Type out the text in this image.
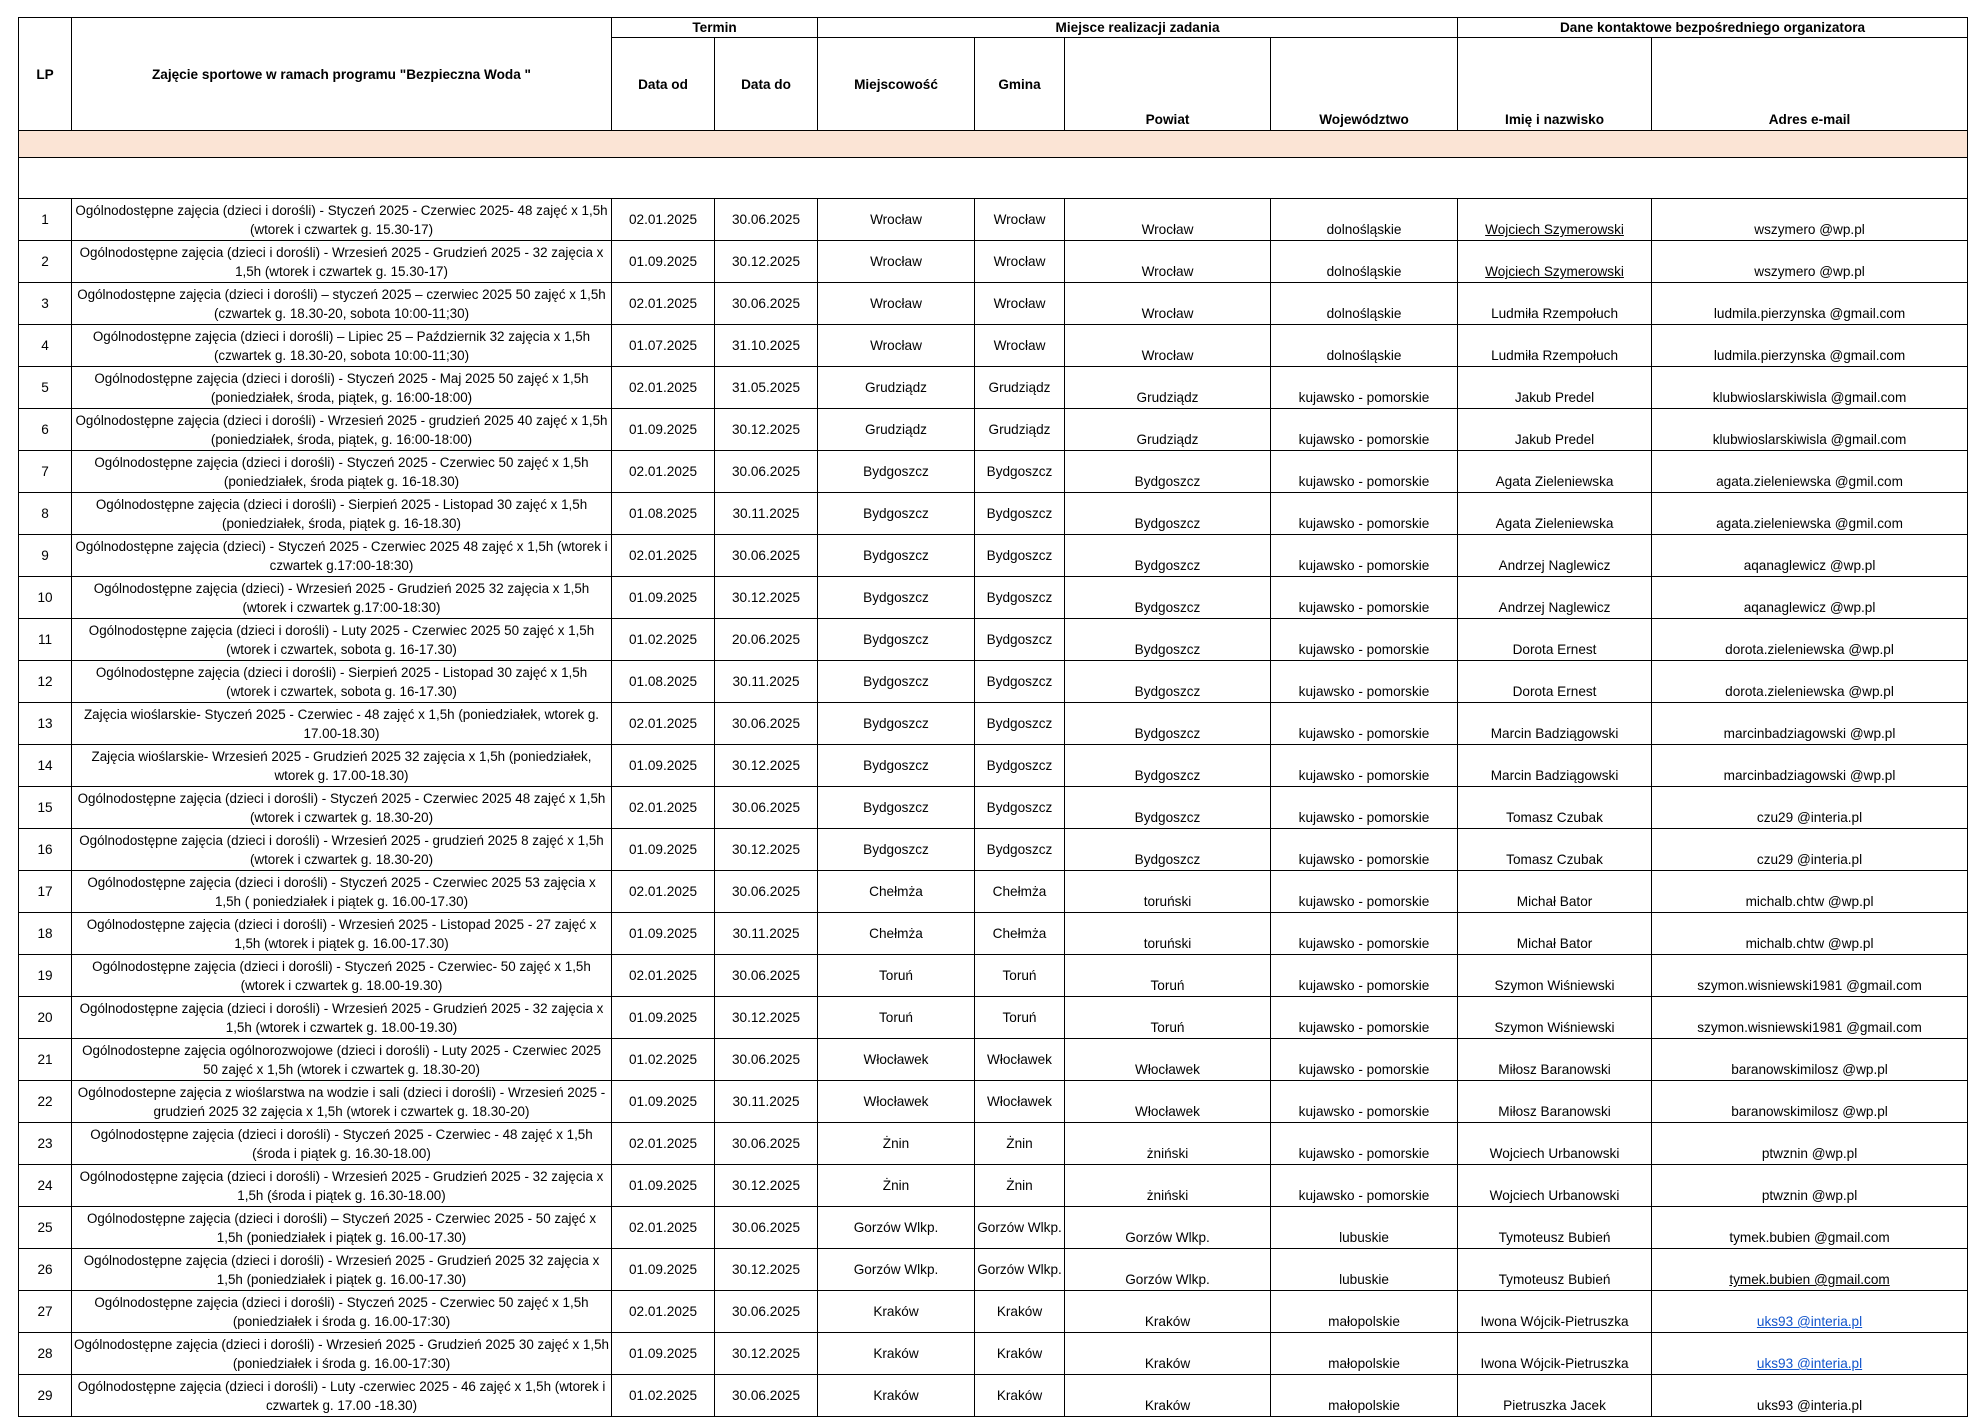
LP	Zajęcie sportowe w ramach programu "Bezpieczna Woda "	Termin		Miejsce realizacji zadania				Dane kontaktowe bezpośredniego organizatora	
		Data od	Data do	Miejscowość	Gmina	Powiat	Województwo	Imię i nazwisko	Adres e-mail

1	Ogólnodostępne zajęcia (dzieci i dorośli) - Styczeń 2025 - Czerwiec 2025- 48 zajęć x 1,5h (wtorek i czwartek g. 15.30-17)	02.01.2025	30.06.2025	Wrocław	Wrocław	Wrocław	dolnośląskie	Wojciech Szymerowski	wszymero @wp.pl
2	Ogólnodostępne zajęcia (dzieci i dorośli) - Wrzesień 2025 - Grudzień 2025 - 32 zajęcia x 1,5h (wtorek i czwartek g. 15.30-17)	01.09.2025	30.12.2025	Wrocław	Wrocław	Wrocław	dolnośląskie	Wojciech Szymerowski	wszymero @wp.pl
3	Ogólnodostępne zajęcia (dzieci i dorośli) – styczeń 2025 – czerwiec 2025 50 zajęć x 1,5h (czwartek g. 18.30-20, sobota 10:00-11;30)	02.01.2025	30.06.2025	Wrocław	Wrocław	Wrocław	dolnośląskie	Ludmiła Rzempołuch	ludmila.pierzynska @gmail.com
4	Ogólnodostępne zajęcia (dzieci i dorośli) – Lipiec 25 – Październik 32 zajęcia x 1,5h (czwartek g. 18.30-20, sobota 10:00-11;30)	01.07.2025	31.10.2025	Wrocław	Wrocław	Wrocław	dolnośląskie	Ludmiła Rzempołuch	ludmila.pierzynska @gmail.com
5	Ogólnodostępne zajęcia (dzieci i dorośli) - Styczeń 2025 - Maj 2025 50 zajęć x 1,5h (poniedziałek, środa, piątek, g. 16:00-18:00)	02.01.2025	31.05.2025	Grudziądz	Grudziądz	Grudziądz	kujawsko - pomorskie	Jakub Predel	klubwioslarskiwisla @gmail.com
6	Ogólnodostępne zajęcia (dzieci i dorośli) - Wrzesień 2025 - grudzień 2025 40 zajęć x 1,5h (poniedziałek, środa, piątek, g. 16:00-18:00)	01.09.2025	30.12.2025	Grudziądz	Grudziądz	Grudziądz	kujawsko - pomorskie	Jakub Predel	klubwioslarskiwisla @gmail.com
7	Ogólnodostępne zajęcia (dzieci i dorośli) - Styczeń 2025 - Czerwiec 50 zajęć x 1,5h (poniedziałek, środa piątek g. 16-18.30)	02.01.2025	30.06.2025	Bydgoszcz	Bydgoszcz	Bydgoszcz	kujawsko - pomorskie	Agata Zieleniewska	agata.zieleniewska @gmil.com
8	Ogólnodostępne zajęcia (dzieci i dorośli) - Sierpień 2025 - Listopad 30 zajęć x 1,5h (poniedziałek, środa, piątek g. 16-18.30)	01.08.2025	30.11.2025	Bydgoszcz	Bydgoszcz	Bydgoszcz	kujawsko - pomorskie	Agata Zieleniewska	agata.zieleniewska @gmil.com
9	Ogólnodostępne zajęcia (dzieci) - Styczeń 2025 - Czerwiec 2025 48 zajęć x 1,5h (wtorek i czwartek g.17:00-18:30)	02.01.2025	30.06.2025	Bydgoszcz	Bydgoszcz	Bydgoszcz	kujawsko - pomorskie	Andrzej Naglewicz	aqanaglewicz @wp.pl
10	Ogólnodostępne zajęcia (dzieci) - Wrzesień 2025 - Grudzień 2025 32 zajęcia x 1,5h (wtorek i czwartek g.17:00-18:30)	01.09.2025	30.12.2025	Bydgoszcz	Bydgoszcz	Bydgoszcz	kujawsko - pomorskie	Andrzej Naglewicz	aqanaglewicz @wp.pl
11	Ogólnodostępne zajęcia (dzieci i dorośli) - Luty 2025 - Czerwiec 2025 50 zajęć x 1,5h (wtorek i czwartek, sobota g. 16-17.30)	01.02.2025	20.06.2025	Bydgoszcz	Bydgoszcz	Bydgoszcz	kujawsko - pomorskie	Dorota Ernest	dorota.zieleniewska @wp.pl
12	Ogólnodostępne zajęcia (dzieci i dorośli) - Sierpień 2025 - Listopad 30 zajęć x 1,5h (wtorek i czwartek, sobota g. 16-17.30)	01.08.2025	30.11.2025	Bydgoszcz	Bydgoszcz	Bydgoszcz	kujawsko - pomorskie	Dorota Ernest	dorota.zieleniewska @wp.pl
13	Zajęcia wioślarskie- Styczeń 2025 - Czerwiec - 48 zajęć x 1,5h (poniedziałek, wtorek g. 17.00-18.30)	02.01.2025	30.06.2025	Bydgoszcz	Bydgoszcz	Bydgoszcz	kujawsko - pomorskie	Marcin Badziągowski	marcinbadziagowski @wp.pl
14	Zajęcia wioślarskie- Wrzesień 2025 - Grudzień 2025 32 zajęcia x 1,5h (poniedziałek, wtorek g. 17.00-18.30)	01.09.2025	30.12.2025	Bydgoszcz	Bydgoszcz	Bydgoszcz	kujawsko - pomorskie	Marcin Badziągowski	marcinbadziagowski @wp.pl
15	Ogólnodostępne zajęcia (dzieci i dorośli) - Styczeń 2025 - Czerwiec 2025 48 zajęć x 1,5h (wtorek i czwartek g. 18.30-20)	02.01.2025	30.06.2025	Bydgoszcz	Bydgoszcz	Bydgoszcz	kujawsko - pomorskie	Tomasz Czubak	czu29 @interia.pl
16	Ogólnodostępne zajęcia (dzieci i dorośli) - Wrzesień 2025 - grudzień 2025 8 zajęć x 1,5h (wtorek i czwartek g. 18.30-20)	01.09.2025	30.12.2025	Bydgoszcz	Bydgoszcz	Bydgoszcz	kujawsko - pomorskie	Tomasz Czubak	czu29 @interia.pl
17	Ogólnodostępne zajęcia (dzieci i dorośli) - Styczeń 2025 - Czerwiec 2025 53 zajęcia x 1,5h ( poniedziałek i piątek g. 16.00-17.30)	02.01.2025	30.06.2025	Chełmża	Chełmża	toruński	kujawsko - pomorskie	Michał Bator	michalb.chtw @wp.pl
18	Ogólnodostępne zajęcia (dzieci i dorośli) - Wrzesień 2025 - Listopad 2025 - 27 zajęć x 1,5h (wtorek i piątek g. 16.00-17.30)	01.09.2025	30.11.2025	Chełmża	Chełmża	toruński	kujawsko - pomorskie	Michał Bator	michalb.chtw @wp.pl
19	Ogólnodostępne zajęcia (dzieci i dorośli) - Styczeń 2025 - Czerwiec- 50 zajęć x 1,5h (wtorek i czwartek g. 18.00-19.30)	02.01.2025	30.06.2025	Toruń	Toruń	Toruń	kujawsko - pomorskie	Szymon Wiśniewski	szymon.wisniewski1981 @gmail.com
20	Ogólnodostępne zajęcia (dzieci i dorośli) - Wrzesień 2025 - Grudzień 2025 - 32 zajęcia x 1,5h (wtorek i czwartek g. 18.00-19.30)	01.09.2025	30.12.2025	Toruń	Toruń	Toruń	kujawsko - pomorskie	Szymon Wiśniewski	szymon.wisniewski1981 @gmail.com
21	Ogólnodostepne zajęcia ogólnorozwojowe (dzieci i dorośli) - Luty 2025 - Czerwiec 2025 50 zajęć x 1,5h (wtorek i czwartek g. 18.30-20)	01.02.2025	30.06.2025	Włocławek	Włocławek	Włocławek	kujawsko - pomorskie	Miłosz Baranowski	baranowskimilosz @wp.pl
22	Ogólnodostepne zajęcia z wioślarstwa na wodzie i sali (dzieci i dorośli) - Wrzesień 2025 - grudzień 2025 32 zajęcia x 1,5h (wtorek i czwartek g. 18.30-20)	01.09.2025	30.11.2025	Włocławek	Włocławek	Włocławek	kujawsko - pomorskie	Miłosz Baranowski	baranowskimilosz @wp.pl
23	Ogólnodostępne zajęcia (dzieci i dorośli) - Styczeń 2025 - Czerwiec - 48 zajęć x 1,5h (środa i piątek g. 16.30-18.00)	02.01.2025	30.06.2025	Żnin	Żnin	żniński	kujawsko - pomorskie	Wojciech Urbanowski	ptwznin @wp.pl
24	Ogólnodostępne zajęcia (dzieci i dorośli) - Wrzesień 2025 - Grudzień 2025 - 32 zajęcia x 1,5h (środa i piątek g. 16.30-18.00)	01.09.2025	30.12.2025	Żnin	Żnin	żniński	kujawsko - pomorskie	Wojciech Urbanowski	ptwznin @wp.pl
25	Ogólnodostępne zajęcia (dzieci i dorośli) – Styczeń 2025 - Czerwiec 2025 - 50 zajęć x 1,5h (poniedziałek i piątek g. 16.00-17.30)	02.01.2025	30.06.2025	Gorzów Wlkp.	Gorzów Wlkp.	Gorzów Wlkp.	lubuskie	Tymoteusz Bubień	tymek.bubien @gmail.com
26	Ogólnodostępne zajęcia (dzieci i dorośli) - Wrzesień 2025 - Grudzień 2025 32 zajęcia x 1,5h (poniedziałek i piątek g. 16.00-17.30)	01.09.2025	30.12.2025	Gorzów Wlkp.	Gorzów Wlkp.	Gorzów Wlkp.	lubuskie	Tymoteusz Bubień	tymek.bubien @gmail.com
27	Ogólnodostępne zajęcia (dzieci i dorośli) - Styczeń 2025 - Czerwiec 50 zajęć x 1,5h (poniedziałek i środa g. 16.00-17:30)	02.01.2025	30.06.2025	Kraków	Kraków	Kraków	małopolskie	Iwona Wójcik-Pietruszka	uks93 @interia.pl
28	Ogólnodostępne zajęcia (dzieci i dorośli) - Wrzesień 2025 - Grudzień 2025 30 zajęć x 1,5h (poniedziałek i środa g. 16.00-17:30)	01.09.2025	30.12.2025	Kraków	Kraków	Kraków	małopolskie	Iwona Wójcik-Pietruszka	uks93 @interia.pl
29	Ogólnodostępne zajęcia (dzieci i dorośli) - Luty -czerwiec 2025 - 46 zajęć x 1,5h (wtorek i czwartek g. 17.00 -18.30)	01.02.2025	30.06.2025	Kraków	Kraków	Kraków	małopolskie	Pietruszka Jacek	uks93 @interia.pl
